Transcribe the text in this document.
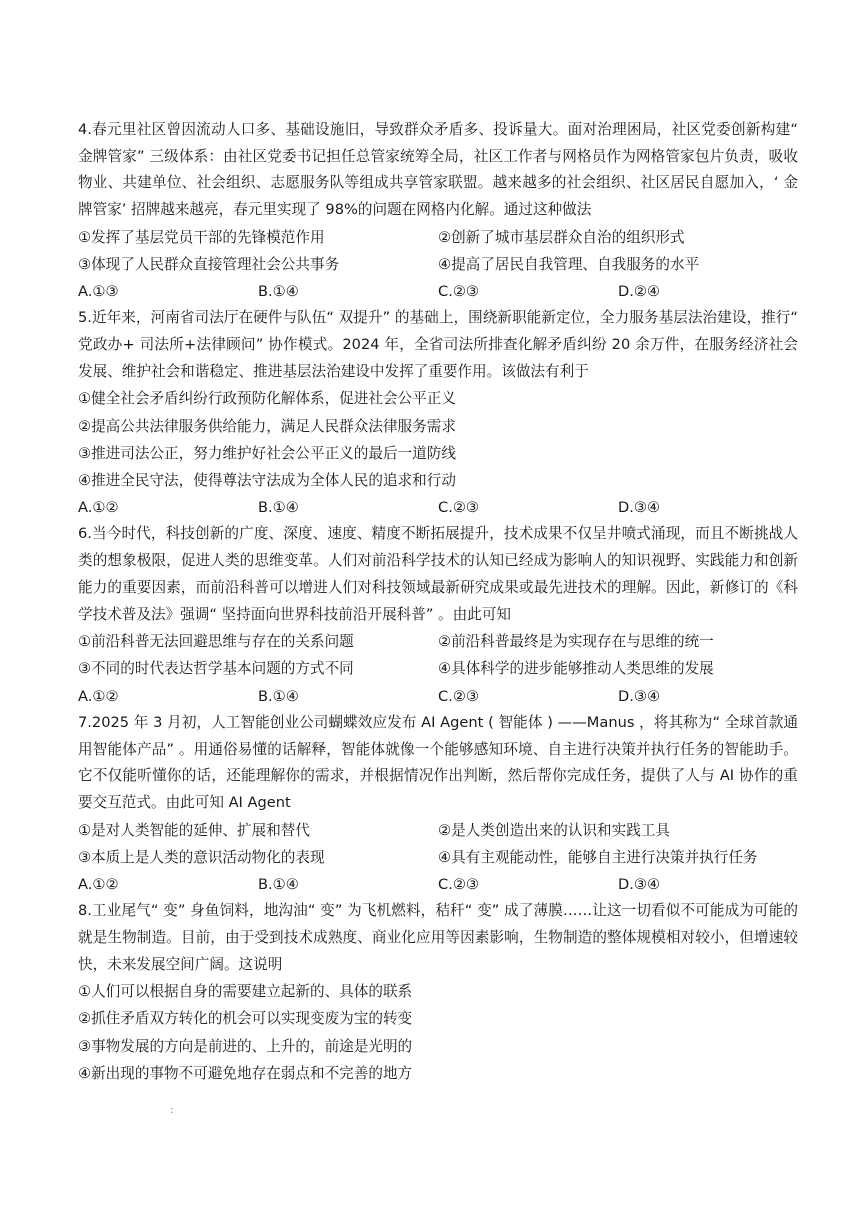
4.春元里社区曾因流动人口多、基础设施旧，导致群众矛盾多、投诉量大。面对治理困局，社区党委创新构建“ 金牌管家” 三级体系：由社区党委书记担任总管家统筹全局，社区工作者与网格员作为网格管家包片负责，吸收物业、共建单位、社会组织、志愿服务队等组成共享管家联盟。越来越多的社会组织、社区居民自愿加入，‘ 金牌管家’ 招牌越来越亮，春元里实现了 98%的问题在网格内化解。通过这种做法

①发挥了基层党员干部的先锋模范作用	②创新了城市基层群众自治的组织形式
③体现了人民群众直接管理社会公共事务	④提高了居民自我管理、自我服务的水平
A.①③	B.①④	C.②③	D.②④

5.近年来，河南省司法厅在硬件与队伍“ 双提升” 的基础上，围绕新职能新定位，全力服务基层法治建设，推行“ 党政办+ 司法所+法律顾问” 协作模式。2024 年，全省司法所排查化解矛盾纠纷 20 余万件，在服务经济社会发展、维护社会和谐稳定、推进基层法治建设中发挥了重要作用。该做法有利于

①健全社会矛盾纠纷行政预防化解体系，促进社会公平正义
②提高公共法律服务供给能力，满足人民群众法律服务需求
③推进司法公正，努力维护好社会公平正义的最后一道防线
④推进全民守法，使得尊法守法成为全体人民的追求和行动
A.①②	B.①④	C.②③	D.③④

6.当今时代，科技创新的广度、深度、速度、精度不断拓展提升，技术成果不仅呈井喷式涌现，而且不断挑战人类的想象极限，促进人类的思维变革。人们对前沿科学技术的认知已经成为影响人的知识视野、实践能力和创新能力的重要因素，而前沿科普可以增进人们对科技领域最新研究成果或最先进技术的理解。因此，新修订的《科学技术普及法》强调“ 坚持面向世界科技前沿开展科普” 。由此可知

①前沿科普无法回避思维与存在的关系问题	②前沿科普最终是为实现存在与思维的统一
③不同的时代表达哲学基本问题的方式不同	④具体科学的进步能够推动人类思维的发展
A.①②	B.①④	C.②③	D.③④

7.2025 年 3 月初，人工智能创业公司蝴蝶效应发布 AI Agent ( 智能体 ) ——Manus ，将其称为“ 全球首款通用智能体产品” 。用通俗易懂的话解释，智能体就像一个能够感知环境、自主进行决策并执行任务的智能助手。它不仅能听懂你的话，还能理解你的需求，并根据情况作出判断，然后帮你完成任务，提供了人与 AI 协作的重要交互范式。由此可知 AI Agent

①是对人类智能的延伸、扩展和替代	②是人类创造出来的认识和实践工具
③本质上是人类的意识活动物化的表现	④具有主观能动性，能够自主进行决策并执行任务
A.①②	B.①④	C.②③	D.③④

8.工业尾气“ 变” 身鱼饲料，地沟油“ 变” 为飞机燃料，秸秆“ 变” 成了薄膜……让这一切看似不可能成为可能的就是生物制造。目前，由于受到技术成熟度、商业化应用等因素影响，生物制造的整体规模相对较小，但增速较快，未来发展空间广阔。这说明

①人们可以根据自身的需要建立起新的、具体的联系
②抓住矛盾双方转化的机会可以实现变废为宝的转变
③事物发展的方向是前进的、上升的，前途是光明的
④新出现的事物不可避免地存在弱点和不完善的地方
:
